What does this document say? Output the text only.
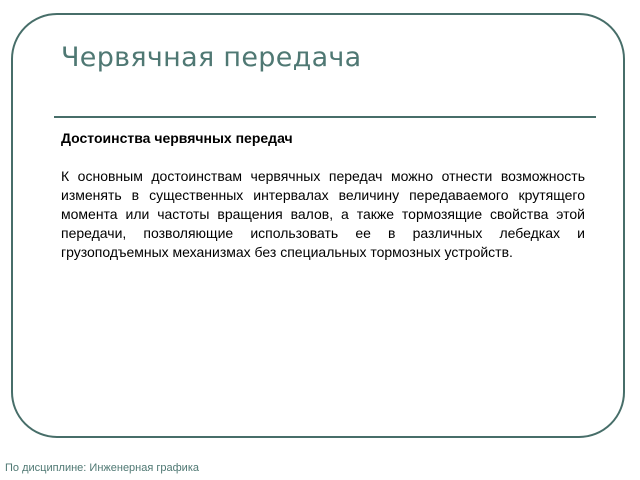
Червячная передача

Достоинства червячных передач

К основным достоинствам червячных передач можно отнести возможность изменять в существенных интервалах величину передаваемого крутящего момента или частоты вращения валов, а также тормозящие свойства этой передачи, позволяющие использовать ее в различных лебедках и грузоподъемных механизмах без специальных тормозных устройств.

По дисциплине: Инженерная графика
